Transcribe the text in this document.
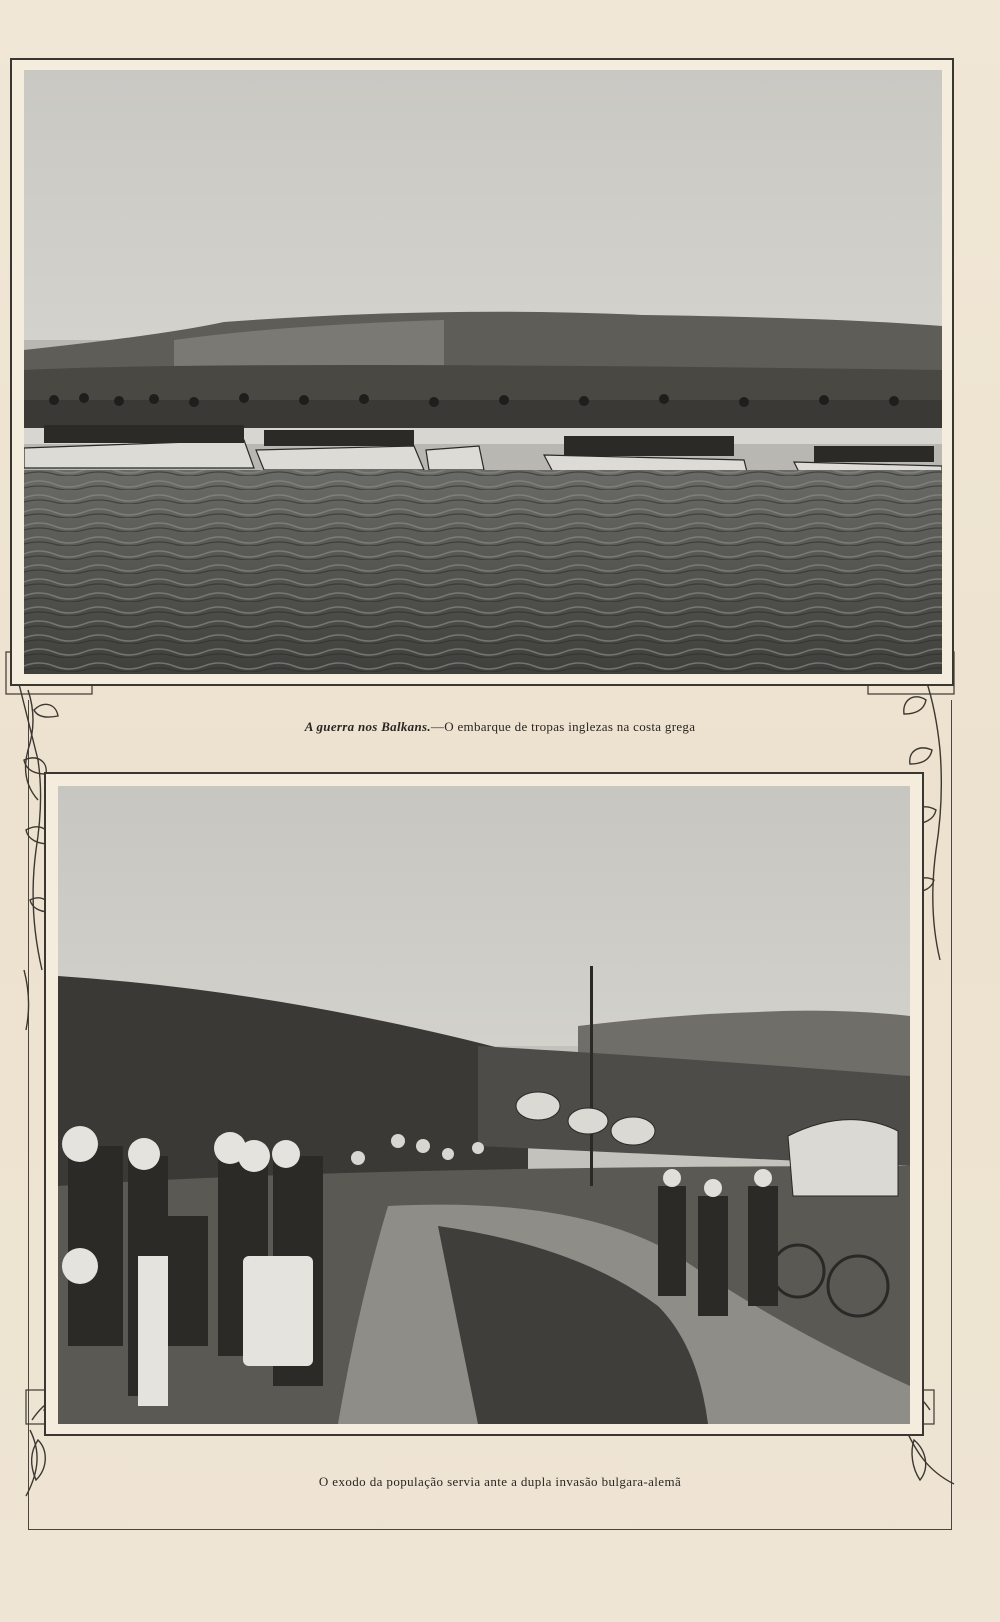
A guerra nos Balkans.—O embarque de tropas inglezas na costa grega
O exodo da população servia ante a dupla invasão bulgara-alemã
